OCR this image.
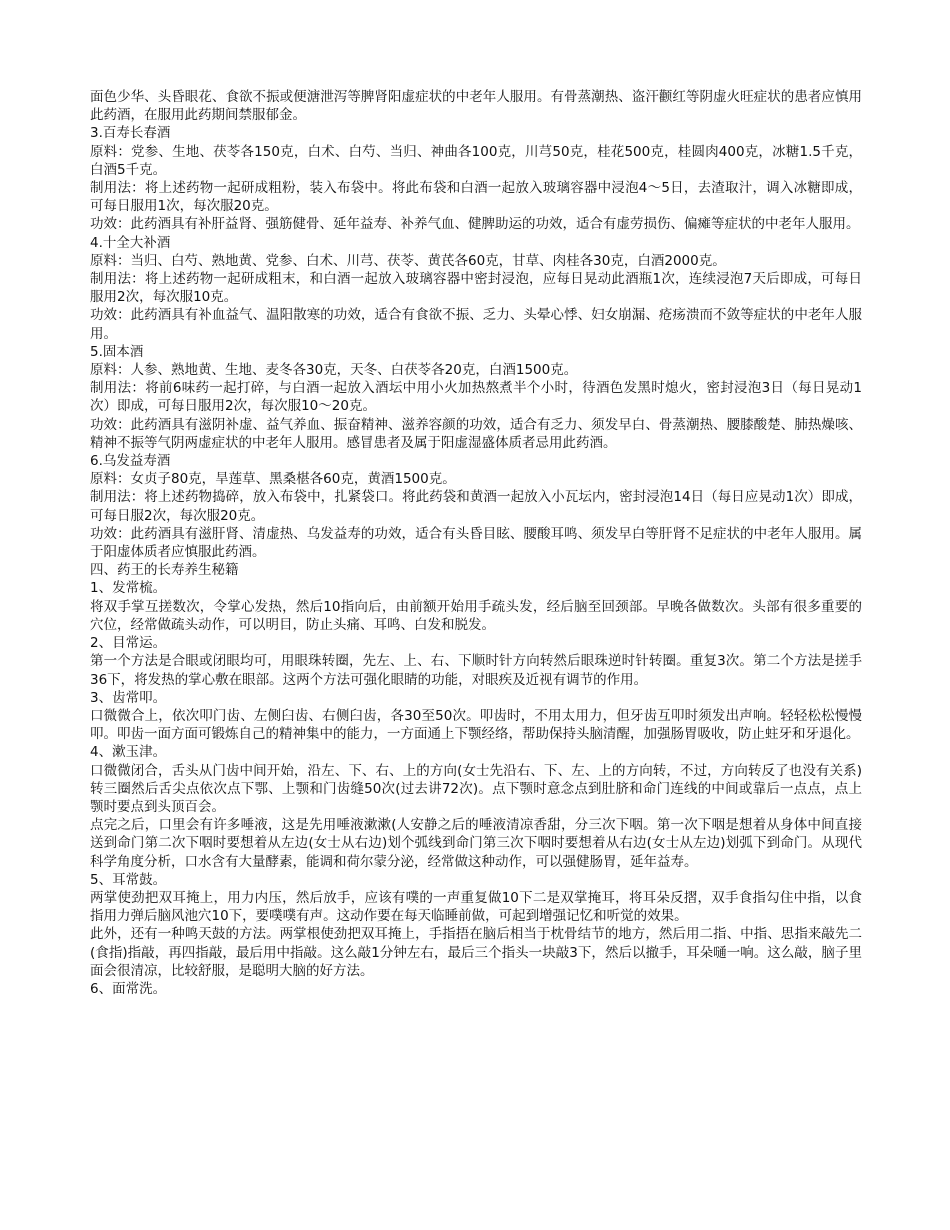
面色少华、头昏眼花、食欲不振或便溏泄泻等脾肾阳虚症状的中老年人服用。有骨蒸潮热、盗汗颧红等阴虚火旺症状的患者应慎用此药酒，在服用此药期间禁服郁金。

3.百寿长春酒

原料：党参、生地、茯苓各150克，白术、白芍、当归、神曲各100克，川芎50克，桂花500克，桂圆肉400克，冰糖1.5千克，白酒5千克。

制用法：将上述药物一起研成粗粉，装入布袋中。将此布袋和白酒一起放入玻璃容器中浸泡4～5日，去渣取汁，调入冰糖即成，可每日服用1次，每次服20克。

功效：此药酒具有补肝益肾、强筋健骨、延年益寿、补养气血、健脾助运的功效，适合有虚劳损伤、偏瘫等症状的中老年人服用。

4.十全大补酒

原料：当归、白芍、熟地黄、党参、白术、川芎、茯苓、黄芪各60克，甘草、肉桂各30克，白酒2000克。

制用法：将上述药物一起研成粗末，和白酒一起放入玻璃容器中密封浸泡，应每日晃动此酒瓶1次，连续浸泡7天后即成，可每日服用2次，每次服10克。

功效：此药酒具有补血益气、温阳散寒的功效，适合有食欲不振、乏力、头晕心悸、妇女崩漏、疮疡溃而不敛等症状的中老年人服用。

5.固本酒

原料：人参、熟地黄、生地、麦冬各30克，天冬、白茯苓各20克，白酒1500克。

制用法：将前6味药一起打碎，与白酒一起放入酒坛中用小火加热熬煮半个小时，待酒色发黑时熄火，密封浸泡3日（每日晃动1次）即成，可每日服用2次，每次服10～20克。

功效：此药酒具有滋阴补虚、益气养血、振奋精神、滋养容颜的功效，适合有乏力、须发早白、骨蒸潮热、腰膝酸楚、肺热燥咳、精神不振等气阴两虚症状的中老年人服用。感冒患者及属于阳虚湿盛体质者忌用此药酒。

6.乌发益寿酒

原料：女贞子80克，旱莲草、黑桑椹各60克，黄酒1500克。

制用法：将上述药物捣碎，放入布袋中，扎紧袋口。将此药袋和黄酒一起放入小瓦坛内，密封浸泡14日（每日应晃动1次）即成，可每日服2次，每次服20克。

功效：此药酒具有滋肝肾、清虚热、乌发益寿的功效，适合有头昏目眩、腰酸耳鸣、须发早白等肝肾不足症状的中老年人服用。属于阳虚体质者应慎服此药酒。

四、药王的长寿养生秘籍

1、发常梳。

将双手掌互搓数次，令掌心发热，然后10指向后，由前额开始用手疏头发，经后脑至回颈部。早晚各做数次。头部有很多重要的穴位，经常做疏头动作，可以明目，防止头痛、耳鸣、白发和脱发。

2、目常运。

第一个方法是合眼或闭眼均可，用眼珠转圈，先左、上、右、下顺时针方向转然后眼珠逆时针转圈。重复3次。第二个方法是搓手36下，将发热的掌心敷在眼部。这两个方法可强化眼睛的功能，对眼疾及近视有调节的作用。

3、齿常叩。

口微微合上，依次叩门齿、左侧臼齿、右侧臼齿，各30至50次。叩齿时，不用太用力，但牙齿互叩时须发出声响。轻轻松松慢慢叩。叩齿一面方面可锻炼自己的精神集中的能力，一方面通上下颚经络，帮助保持头脑清醒，加强肠胃吸收，防止蛀牙和牙退化。

4、漱玉津。

口微微闭合，舌头从门齿中间开始，沿左、下、右、上的方向(女士先沿右、下、左、上的方向转，不过，方向转反了也没有关系)转三圈然后舌尖点依次点下鄂、上颚和门齿缝50次(过去讲72次)。点下颚时意念点到肚脐和命门连线的中间或靠后一点点，点上颚时要点到头顶百会。

点完之后，口里会有许多唾液，这是先用唾液漱漱(人安静之后的唾液清凉香甜，分三次下咽。第一次下咽是想着从身体中间直接送到命门第二次下咽时要想着从左边(女士从右边)划个弧线到命门第三次下咽时要想着从右边(女士从左边)划弧下到命门。从现代科学角度分析，口水含有大量酵素，能调和荷尔蒙分泌，经常做这种动作，可以强健肠胃，延年益寿。

5、耳常鼓。

两掌使劲把双耳掩上，用力内压，然后放手，应该有噗的一声重复做10下二是双掌掩耳，将耳朵反摺，双手食指勾住中指，以食指用力弹后脑风池穴10下，要噗噗有声。这动作要在每天临睡前做，可起到增强记忆和听觉的效果。

此外，还有一种鸣天鼓的方法。两掌根使劲把双耳掩上，手指捂在脑后相当于枕骨结节的地方，然后用二指、中指、思指来敲先二(食指)指敲，再四指敲，最后用中指敲。这么敲1分钟左右，最后三个指头一块敲3下，然后以撤手，耳朵嗵一响。这么敲，脑子里面会很清凉，比较舒服，是聪明大脑的好方法。

6、面常洗。
